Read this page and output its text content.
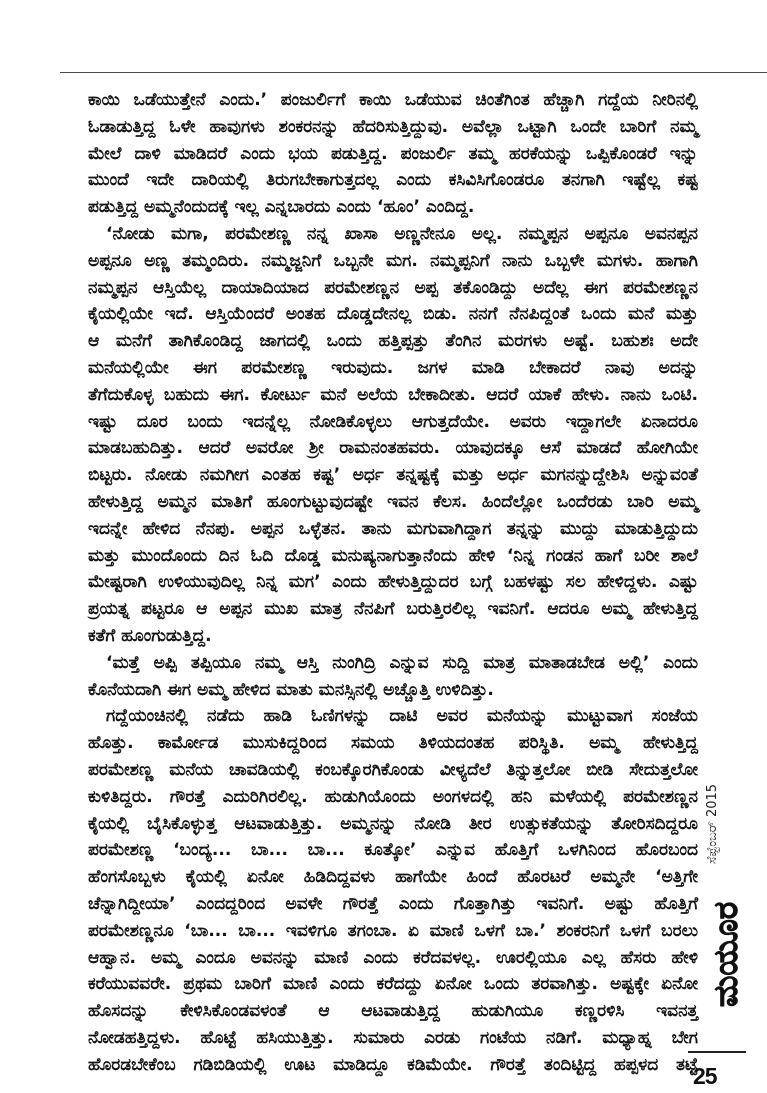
ಕಾಯಿ ಒಡೆಯುತ್ತೇನೆ ಎಂದು.’ ಪಂಜುರ್ಲಿಗೆ ಕಾಯಿ ಒಡೆಯುವ ಚಿಂತೆಗಿಂತ ಹೆಚ್ಚಾಗಿ ಗದ್ದೆಯ ನೀರಿನಲ್ಲಿ
ಓಡಾಡುತ್ತಿದ್ದ ಓಳೇ ಹಾವುಗಳು ಶಂಕರನನ್ನು ಹೆದರಿಸುತ್ತಿದ್ದುವು. ಅವೆಲ್ಲಾ ಒಟ್ಟಾಗಿ ಒಂದೇ ಬಾರಿಗೆ ನಮ್ಮ
ಮೇಲೆ ದಾಳಿ ಮಾಡಿದರೆ ಎಂದು ಭಯ ಪಡುತ್ತಿದ್ದ. ಪಂಜುರ್ಲಿ ತಮ್ಮ ಹರಕೆಯನ್ನು ಒಪ್ಪಿಕೊಂಡರೆ ಇನ್ನು
ಮುಂದೆ ಇದೇ ದಾರಿಯಲ್ಲಿ ತಿರುಗಬೇಕಾಗುತ್ತದಲ್ಲ ಎಂದು ಕಸಿವಿಸಿಗೊಂಡರೂ ತನಗಾಗಿ ಇಷ್ಟೆಲ್ಲ ಕಷ್ಟ
ಪಡುತ್ತಿದ್ದ ಅಮ್ಮನೆಂದುದಕ್ಕೆ ಇಲ್ಲ ಎನ್ನಬಾರದು ಎಂದು ‘ಹೂಂ’ ಎಂದಿದ್ದ.
‘ನೋಡು ಮಗಾ, ಪರಮೇಶಣ್ಣ ನನ್ನ ಖಾಸಾ ಅಣ್ಣನೇನೂ ಅಲ್ಲ. ನಮ್ಮಪ್ಪನ ಅಪ್ಪನೂ ಅವನಪ್ಪನ
ಅಪ್ಪನೂ ಅಣ್ಣ ತಮ್ಮಂದಿರು. ನಮ್ಮಜ್ಜನಿಗೆ ಒಬ್ಬನೇ ಮಗ. ನಮ್ಮಪ್ಪನಿಗೆ ನಾನು ಒಬ್ಬಳೇ ಮಗಳು. ಹಾಗಾಗಿ
ನಮ್ಮಪ್ಪನ ಆಸ್ತಿಯೆಲ್ಲ ದಾಯಾದಿಯಾದ ಪರಮೇಶಣ್ಣನ ಅಪ್ಪ ತಕೊಂಡಿದ್ದು ಅದೆಲ್ಲ ಈಗ ಪರಮೇಶಣ್ಣನ
ಕೈಯಲ್ಲಿಯೇ ಇದೆ. ಆಸ್ತಿಯೆಂದರೆ ಅಂತಹ ದೊಡ್ಡದೇನಲ್ಲ ಬಿಡು. ನನಗೆ ನೆನಪಿದ್ದಂತೆ ಒಂದು ಮನೆ ಮತ್ತು
ಆ ಮನೆಗೆ ತಾಗಿಕೊಂಡಿದ್ದ ಜಾಗದಲ್ಲಿ ಒಂದು ಹತ್ತಿಪ್ಪತ್ತು ತೆಂಗಿನ ಮರಗಳು ಅಷ್ಟೆ. ಬಹುಶಃ ಅದೇ
ಮನೆಯಲ್ಲಿಯೇ ಈಗ ಪರಮೇಶಣ್ಣ ಇರುವುದು. ಜಗಳ ಮಾಡಿ ಬೇಕಾದರೆ ನಾವು ಅದನ್ನು
ತೆಗೆದುಕೊಳ್ಳ ಬಹುದು ಈಗ. ಕೋರ್ಟು ಮನೆ ಅಲೆಯ ಬೇಕಾದೀತು. ಆದರೆ ಯಾಕೆ ಹೇಳು. ನಾನು ಒಂಟಿ.
ಇಷ್ಟು ದೂರ ಬಂದು ಇದನ್ನೆಲ್ಲ ನೋಡಿಕೊಳ್ಳಲು ಆಗುತ್ತದೆಯೇ. ಅವರು ಇದ್ದಾಗಲೇ ಏನಾದರೂ
ಮಾಡಬಹುದಿತ್ತು. ಆದರೆ ಅವರೋ ಶ್ರೀ ರಾಮನಂತಹವರು. ಯಾವುದಕ್ಕೂ ಆಸೆ ಮಾಡದೆ ಹೋಗಿಯೇ
ಬಿಟ್ಟರು. ನೋಡು ನಮಗೀಗ ಎಂತಹ ಕಷ್ಟ’ ಅರ್ಧ ತನ್ನಷ್ಟಕ್ಕೆ ಮತ್ತು ಅರ್ಧ ಮಗನನ್ನುದ್ದೇಶಿಸಿ ಅನ್ನುವಂತೆ
ಹೇಳುತ್ತಿದ್ದ ಅಮ್ಮನ ಮಾತಿಗೆ ಹೂಂಗುಟ್ಟುವುದಷ್ಟೇ ಇವನ ಕೆಲಸ. ಹಿಂದೆಲ್ಲೋ ಒಂದೆರಡು ಬಾರಿ ಅಮ್ಮ
ಇದನ್ನೇ ಹೇಳಿದ ನೆನಪು. ಅಪ್ಪನ ಒಳ್ಳೆತನ. ತಾನು ಮಗುವಾಗಿದ್ದಾಗ ತನ್ನನ್ನು ಮುದ್ದು ಮಾಡುತ್ತಿದ್ದುದು
ಮತ್ತು ಮುಂದೊಂದು ದಿನ ಓದಿ ದೊಡ್ಡ ಮನುಷ್ಯನಾಗುತ್ತಾನೆಂದು ಹೇಳಿ ‘ನಿನ್ನ ಗಂಡನ ಹಾಗೆ ಬರೀ ಶಾಲೆ
ಮೇಷ್ಟರಾಗಿ ಉಳಿಯುವುದಿಲ್ಲ ನಿನ್ನ ಮಗ’ ಎಂದು ಹೇಳುತ್ತಿದ್ದುದರ ಬಗ್ಗೆ ಬಹಳಷ್ಟು ಸಲ ಹೇಳಿದ್ದಳು. ಎಷ್ಟು
ಪ್ರಯತ್ನ ಪಟ್ಟರೂ ಆ ಅಪ್ಪನ ಮುಖ ಮಾತ್ರ ನೆನಪಿಗೆ ಬರುತ್ತಿರಲಿಲ್ಲ ಇವನಿಗೆ. ಆದರೂ ಅಮ್ಮ ಹೇಳುತ್ತಿದ್ದ
ಕತೆಗೆ ಹೂಂಗುಡುತ್ತಿದ್ದ.
‘ಮತ್ತೆ ಅಪ್ಪಿ ತಪ್ಪಿಯೂ ನಮ್ಮ ಆಸ್ತಿ ನುಂಗಿದ್ರಿ ಎನ್ನುವ ಸುದ್ದಿ ಮಾತ್ರ ಮಾತಾಡಬೇಡ ಅಲ್ಲಿ’ ಎಂದು
ಕೊನೆಯದಾಗಿ ಈಗ ಅಮ್ಮ ಹೇಳಿದ ಮಾತು ಮನಸ್ಸಿನಲ್ಲಿ ಅಚ್ಚೊತ್ತಿ ಉಳಿದಿತ್ತು.
ಗದ್ದೆಯಂಚಿನಲ್ಲಿ ನಡೆದು ಹಾಡಿ ಓಣಿಗಳನ್ನು ದಾಟಿ ಅವರ ಮನೆಯನ್ನು ಮುಟ್ಟುವಾಗ ಸಂಜೆಯ
ಹೊತ್ತು. ಕಾರ್ಮೋಡ ಮುಸುಕಿದ್ದರಿಂದ ಸಮಯ ತಿಳಿಯದಂತಹ ಪರಿಸ್ಥಿತಿ. ಅಮ್ಮ ಹೇಳುತ್ತಿದ್ದ
ಪರಮೇಶಣ್ಣ ಮನೆಯ ಚಾವಡಿಯಲ್ಲಿ ಕಂಬಕ್ಕೊರಗಿಕೊಂಡು ವೀಳ್ಯದೆಲೆ ತಿನ್ನುತ್ತಲೋ ಬೀಡಿ ಸೇದುತ್ತಲೋ
ಕುಳಿತಿದ್ದರು. ಗೌರತ್ತೆ ಎದುರಿಗಿರಲಿಲ್ಲ. ಹುಡುಗಿಯೊಂದು ಅಂಗಳದಲ್ಲಿ ಹನಿ ಮಳೆಯಲ್ಲಿ ಪರಮೇಶಣ್ಣನ
ಕೈಯಲ್ಲಿ ಬೈಸಿಕೊಳ್ಳುತ್ತ ಆಟವಾಡುತ್ತಿತ್ತು. ಅಮ್ಮನನ್ನು ನೋಡಿ ತೀರ ಉತ್ಸುಕತೆಯನ್ನು ತೋರಿಸದಿದ್ದರೂ
ಪರಮೇಶಣ್ಣ ‘ಬಂದ್ಯ... ಬಾ... ಬಾ... ಕೂತ್ಕೋ’ ಎನ್ನುವ ಹೊತ್ತಿಗೆ ಒಳಗಿನಿಂದ ಹೊರಬಂದ
ಹೆಂಗಸೊಬ್ಬಳು ಕೈಯಲ್ಲಿ ಏನೋ ಹಿಡಿದಿದ್ದವಳು ಹಾಗೆಯೇ ಹಿಂದೆ ಹೊರಟರೆ ಅಮ್ಮನೇ ‘ಅತ್ತಿಗೇ
ಚೆನ್ನಾಗಿದ್ದೀಯಾ’ ಎಂದದ್ದರಿಂದ ಅವಳೇ ಗೌರತ್ತೆ ಎಂದು ಗೊತ್ತಾಗಿತ್ತು ಇವನಿಗೆ. ಅಷ್ಟು ಹೊತ್ತಿಗೆ
ಪರಮೇಶಣ್ಣನೂ ‘ಬಾ... ಬಾ... ಇವಳಿಗೂ ತಗಂಬಾ. ಏ ಮಾಣಿ ಒಳಗೆ ಬಾ.’ ಶಂಕರನಿಗೆ ಒಳಗೆ ಬರಲು
ಆಹ್ವಾನ. ಅಮ್ಮ ಎಂದೂ ಅವನನ್ನು ಮಾಣಿ ಎಂದು ಕರೆದವಳಲ್ಲ. ಊರಲ್ಲಿಯೂ ಎಲ್ಲ ಹೆಸರು ಹೇಳಿ
ಕರೆಯುವವರೇ. ಪ್ರಥಮ ಬಾರಿಗೆ ಮಾಣಿ ಎಂದು ಕರೆದದ್ದು ಏನೋ ಒಂದು ತರವಾಗಿತ್ತು. ಅಷ್ಟಕ್ಕೇ ಏನೋ
ಹೊಸದನ್ನು ಕೇಳಿಸಿಕೊಂಡವಳಂತೆ ಆ ಆಟವಾಡುತ್ತಿದ್ದ ಹುಡುಗಿಯೂ ಕಣ್ಣರಳಿಸಿ ಇವನತ್ತ
ನೋಡಹತ್ತಿದ್ದಳು. ಹೊಟ್ಟೆ ಹಸಿಯುತ್ತಿತ್ತು. ಸುಮಾರು ಎರಡು ಗಂಟೆಯ ನಡಿಗೆ. ಮಧ್ಯಾಹ್ನ ಬೇಗ
ಹೊರಡಬೇಕೆಂಬ ಗಡಿಬಿಡಿಯಲ್ಲಿ ಊಟ ಮಾಡಿದ್ದೂ ಕಡಿಮೆಯೇ. ಗೌರತ್ತೆ ತಂದಿಟ್ಟಿದ್ದ ಹಪ್ಪಳದ ತಟ್ಟೆ
ಸೆಪ್ಟೆಂಬರ್ 2015
ಮಯೂರ
25
